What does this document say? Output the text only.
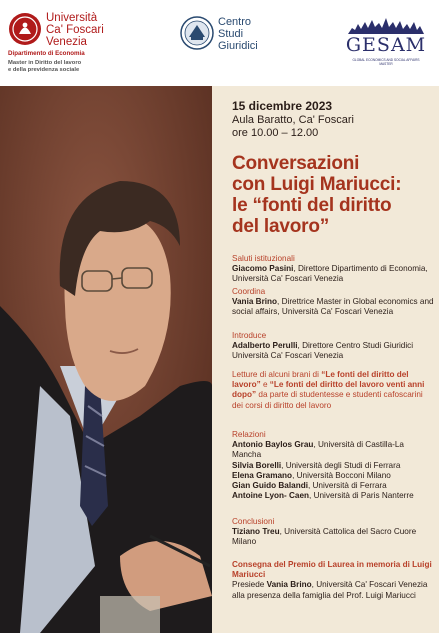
Università
Ca' Foscari
Venezia
Dipartimento di Economia
Master in Diritto del lavoro
e della previdenza sociale
Centro
Studi
Giuridici	GESAM
GLOBAL ECONOMICS AND SOCIAL AFFAIRS
MASTER
15 dicembre 2023
Aula Baratto, Ca' Foscari
ore 10.00 – 12.00
Conversazioni
con Luigi Mariucci:
le “fonti del diritto
del lavoro”
Saluti istituzionali
Giacomo Pasini, Direttore Dipartimento di Economia, Università Ca' Foscari Venezia
Coordina
Vania Brino, Direttrice Master in Global economics and social affairs, Università Ca' Foscari Venezia
Introduce
Adalberto Perulli, Direttore Centro Studi Giuridici Università Ca' Foscari Venezia
Letture di alcuni brani di “Le fonti del diritto del lavoro” e “Le fonti del diritto del lavoro venti anni dopo” da parte di studentesse e studenti cafoscarini dei corsi di diritto del lavoro
Relazioni
Antonio Baylos Grau, Università di Castilla-La Mancha
Silvia Borelli, Università degli Studi di Ferrara
Elena Gramano, Università Bocconi Milano
Gian Guido Balandi, Università di Ferrara
Antoine Lyon- Caen, Università di Paris Nanterre
Conclusioni
Tiziano Treu, Università Cattolica del Sacro Cuore Milano
Consegna del Premio di Laurea in memoria di Luigi Mariucci
Presiede Vania Brino, Università Ca' Foscari Venezia alla presenza della famiglia del Prof. Luigi Mariucci
